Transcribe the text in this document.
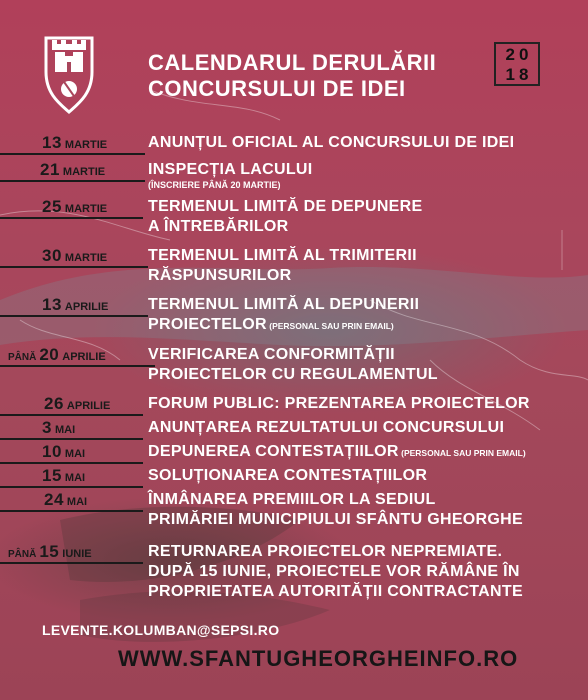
CALENDARUL DERULĂRII
CONCURSULUI DE IDEI
20
18
13 MARTIE	ANUNȚUL OFICIAL AL CONCURSULUI DE IDEI
21 MARTIE	INSPECȚIA LACULUI
(ÎNSCRIERE PÂNĂ 20 MARTIE)
25 MARTIE	TERMENUL LIMITĂ DE DEPUNERE
A ÎNTREBĂRILOR
30 MARTIE	TERMENUL LIMITĂ AL TRIMITERII
RĂSPUNSURILOR
13 APRILIE TERMENUL LIMITĂ AL DEPUNERII
PROIECTELOR (PERSONAL SAU PRIN EMAIL)
PÂNĂ 20 APRILIE	VERIFICAREA CONFORMITĂȚII
PROIECTELOR CU REGULAMENTUL
26 APRILIE FORUM PUBLIC: PREZENTAREA PROIECTELOR
3 MAI	ANUNȚAREA REZULTATULUI CONCURSULUI
10 MAI	DEPUNEREA CONTESTAȚIILOR (PERSONAL SAU PRIN EMAIL)
15 MAI	SOLUȚIONAREA CONTESTAȚIILOR
24 MAI	ÎNMÂNAREA PREMIILOR LA SEDIUL
PRIMĂRIEI MUNICIPIULUI SFÂNTU GHEORGHE
PÂNĂ 15 IUNIE	RETURNAREA PROIECTELOR NEPREMIATE.
DUPĂ 15 IUNIE, PROIECTELE VOR RĂMÂNE ÎN
PROPRIETATEA AUTORITĂȚII CONTRACTANTE
LEVENTE.KOLUMBAN@SEPSI.RO
WWW.SFANTUGHEORGHEINFO.RO
